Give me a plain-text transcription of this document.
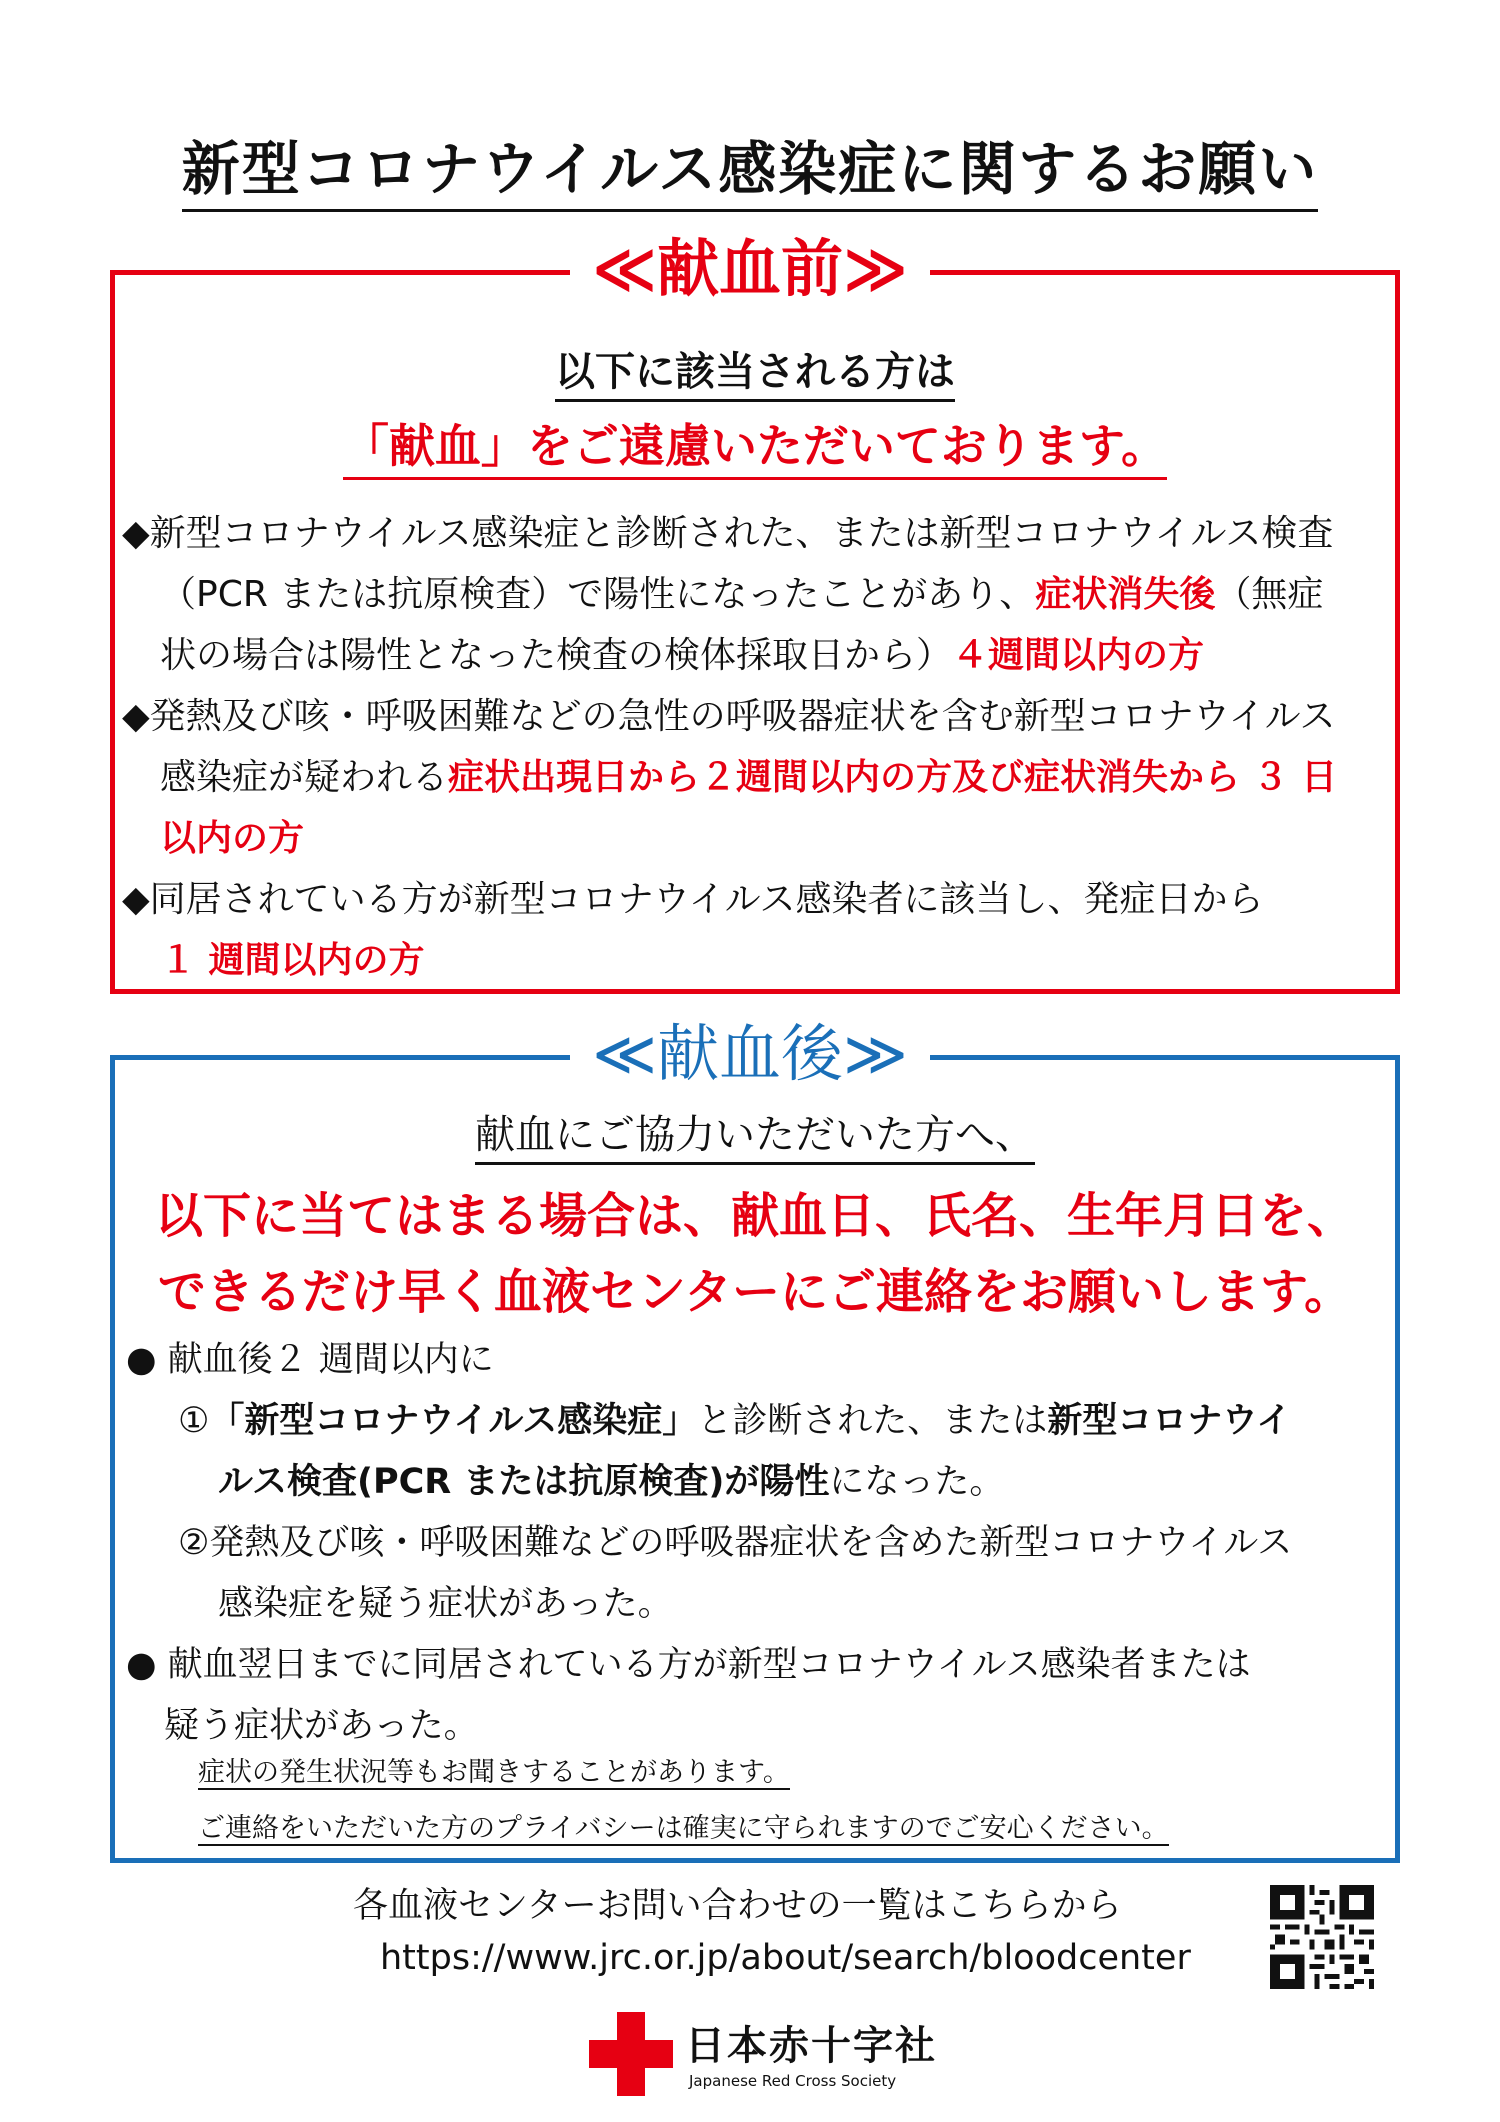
新型コロナウイルス感染症に関するお願い
≪献血前≫
以下に該当される方は
「献血」をご遠慮いただいております。

◆新型コロナウイルス感染症と診断された、または新型コロナウイルス検査

（PCR または抗原検査）で陽性になったことがあり、症状消失後（無症

状の場合は陽性となった検査の検体採取日から）４週間以内の方

◆発熱及び咳・呼吸困難などの急性の呼吸器症状を含む新型コロナウイルス

感染症が疑われる症状出現日から２週間以内の方及び症状消失から ３ 日

以内の方

◆同居されている方が新型コロナウイルス感染者に該当し、発症日から

１ 週間以内の方

≪献血後≫
献血にご協力いただいた方へ、
以下に当てはまる場合は、献血日、氏名、生年月日を、
できるだけ早く血液センターにご連絡をお願いします。

● 献血後２ 週間以内に

①「新型コロナウイルス感染症」と診断された、または新型コロナウイ

ルス検査(PCR または抗原検査)が陽性になった。

②発熱及び咳・呼吸困難などの呼吸器症状を含めた新型コロナウイルス

感染症を疑う症状があった。

● 献血翌日までに同居されている方が新型コロナウイルス感染者または

疑う症状があった。

症状の発生状況等もお聞きすることがあります。

ご連絡をいただいた方のプライバシーは確実に守られますのでご安心ください。

各血液センターお問い合わせの一覧はこちらから

https://www.jrc.or.jp/about/search/bloodcenter

日本赤十字社
Japanese Red Cross Society
